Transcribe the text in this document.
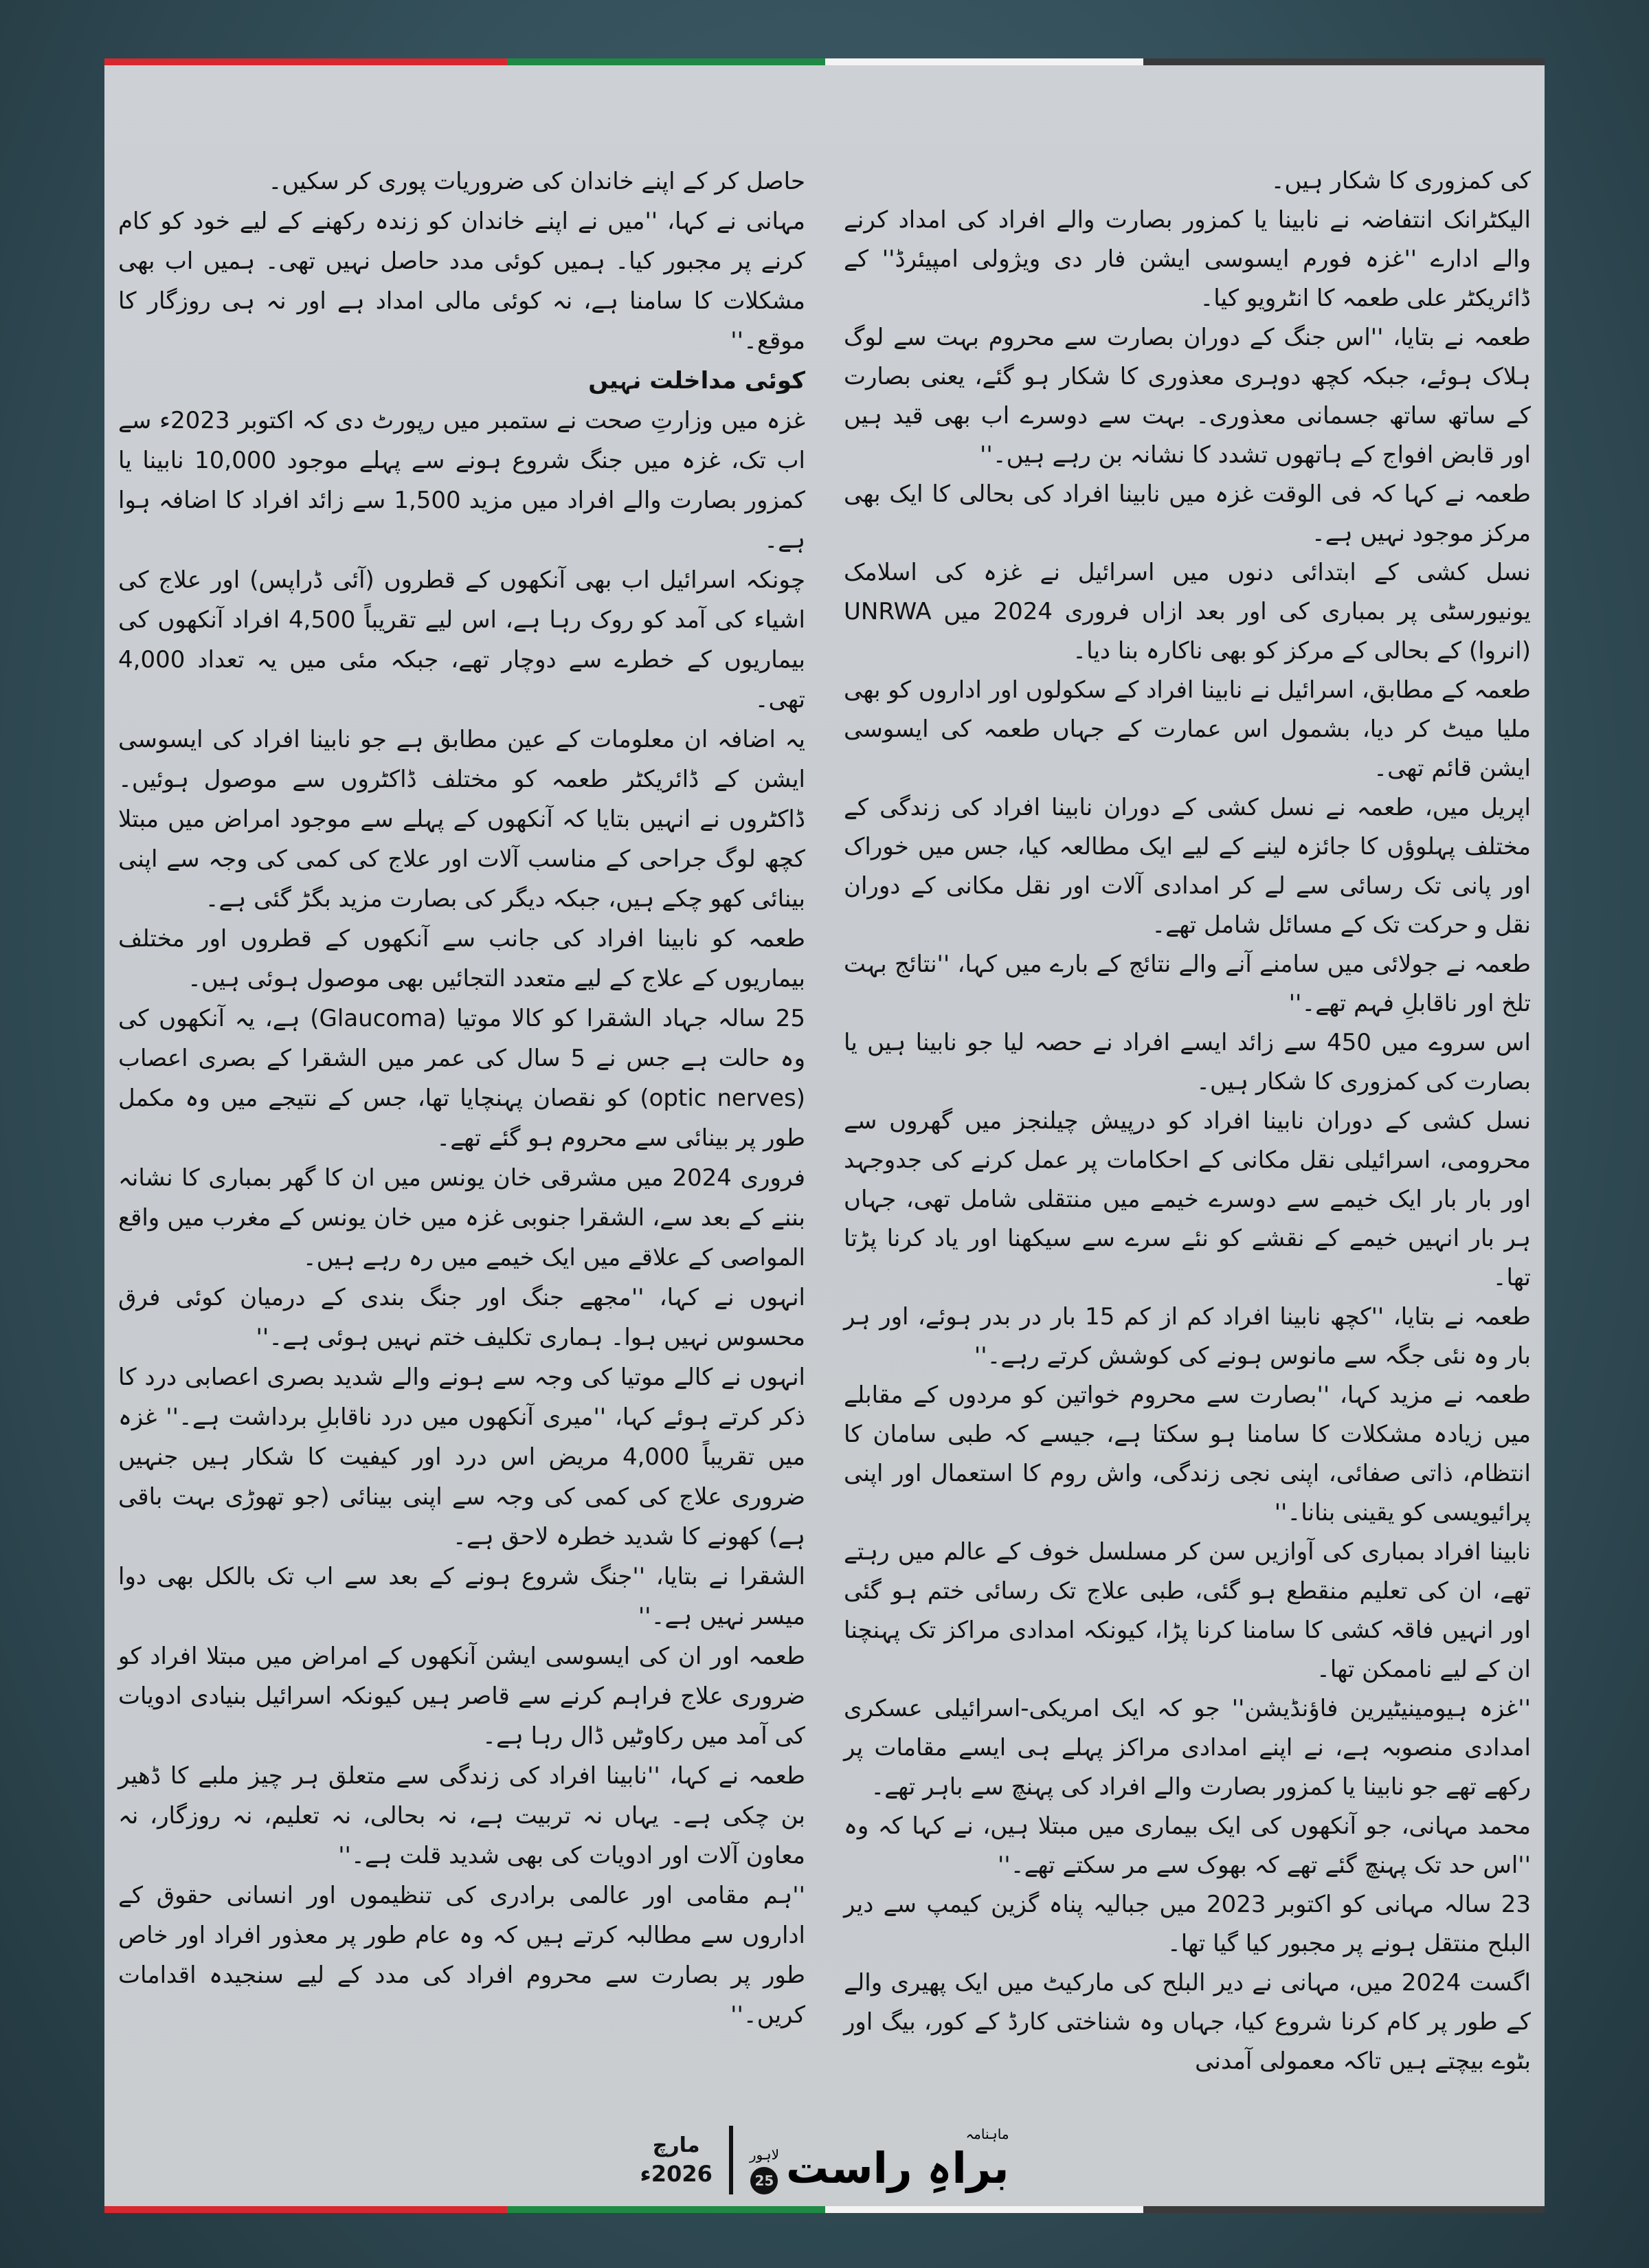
کی کمزوری کا شکار ہیں۔

الیکٹرانک انتفاضہ نے نابینا یا کمزور بصارت والے افراد کی امداد کرنے والے ادارے ''غزہ فورم ایسوسی ایشن فار دی ویژولی امپیئرڈ'' کے ڈائریکٹر علی طعمہ کا انٹرویو کیا۔

طعمہ نے بتایا، ''اس جنگ کے دوران بصارت سے محروم بہت سے لوگ ہلاک ہوئے، جبکہ کچھ دوہری معذوری کا شکار ہو گئے، یعنی بصارت کے ساتھ ساتھ جسمانی معذوری۔ بہت سے دوسرے اب بھی قید ہیں اور قابض افواج کے ہاتھوں تشدد کا نشانہ بن رہے ہیں۔''

طعمہ نے کہا کہ فی الوقت غزہ میں نابینا افراد کی بحالی کا ایک بھی مرکز موجود نہیں ہے۔

نسل کشی کے ابتدائی دنوں میں اسرائیل نے غزہ کی اسلامک یونیورسٹی پر بمباری کی اور بعد ازاں فروری 2024 میں UNRWA (انروا) کے بحالی کے مرکز کو بھی ناکارہ بنا دیا۔

طعمہ کے مطابق، اسرائیل نے نابینا افراد کے سکولوں اور اداروں کو بھی ملیا میٹ کر دیا، بشمول اس عمارت کے جہاں طعمہ کی ایسوسی ایشن قائم تھی۔

اپریل میں، طعمہ نے نسل کشی کے دوران نابینا افراد کی زندگی کے مختلف پہلوؤں کا جائزہ لینے کے لیے ایک مطالعہ کیا، جس میں خوراک اور پانی تک رسائی سے لے کر امدادی آلات اور نقل مکانی کے دوران نقل و حرکت تک کے مسائل شامل تھے۔

طعمہ نے جولائی میں سامنے آنے والے نتائج کے بارے میں کہا، ''نتائج بہت تلخ اور ناقابلِ فہم تھے۔''

اس سروے میں 450 سے زائد ایسے افراد نے حصہ لیا جو نابینا ہیں یا بصارت کی کمزوری کا شکار ہیں۔

نسل کشی کے دوران نابینا افراد کو درپیش چیلنجز میں گھروں سے محرومی، اسرائیلی نقل مکانی کے احکامات پر عمل کرنے کی جدوجہد اور بار بار ایک خیمے سے دوسرے خیمے میں منتقلی شامل تھی، جہاں ہر بار انہیں خیمے کے نقشے کو نئے سرے سے سیکھنا اور یاد کرنا پڑتا تھا۔

طعمہ نے بتایا، ''کچھ نابینا افراد کم از کم 15 بار در بدر ہوئے، اور ہر بار وہ نئی جگہ سے مانوس ہونے کی کوشش کرتے رہے۔''

طعمہ نے مزید کہا، ''بصارت سے محروم خواتین کو مردوں کے مقابلے میں زیادہ مشکلات کا سامنا ہو سکتا ہے، جیسے کہ طبی سامان کا انتظام، ذاتی صفائی، اپنی نجی زندگی، واش روم کا استعمال اور اپنی پرائیویسی کو یقینی بنانا۔''

نابینا افراد بمباری کی آوازیں سن کر مسلسل خوف کے عالم میں رہتے تھے، ان کی تعلیم منقطع ہو گئی، طبی علاج تک رسائی ختم ہو گئی اور انہیں فاقہ کشی کا سامنا کرنا پڑا، کیونکہ امدادی مراکز تک پہنچنا ان کے لیے ناممکن تھا۔

''غزہ ہیومینیٹیرین فاؤنڈیشن'' جو کہ ایک امریکی-اسرائیلی عسکری امدادی منصوبہ ہے، نے اپنے امدادی مراکز پہلے ہی ایسے مقامات پر رکھے تھے جو نابینا یا کمزور بصارت والے افراد کی پہنچ سے باہر تھے۔

محمد مہانی، جو آنکھوں کی ایک بیماری میں مبتلا ہیں، نے کہا کہ وہ ''اس حد تک پہنچ گئے تھے کہ بھوک سے مر سکتے تھے۔''

23 سالہ مہانی کو اکتوبر 2023 میں جبالیہ پناہ گزین کیمپ سے دیر البلح منتقل ہونے پر مجبور کیا گیا تھا۔

اگست 2024 میں، مہانی نے دیر البلح کی مارکیٹ میں ایک پھیری والے کے طور پر کام کرنا شروع کیا، جہاں وہ شناختی کارڈ کے کور، بیگ اور بٹوے بیچتے ہیں تاکہ معمولی آمدنی

حاصل کر کے اپنے خاندان کی ضروریات پوری کر سکیں۔

مہانی نے کہا، ''میں نے اپنے خاندان کو زندہ رکھنے کے لیے خود کو کام کرنے پر مجبور کیا۔ ہمیں کوئی مدد حاصل نہیں تھی۔ ہمیں اب بھی مشکلات کا سامنا ہے، نہ کوئی مالی امداد ہے اور نہ ہی روزگار کا موقع۔''

کوئی مداخلت نہیں

غزہ میں وزارتِ صحت نے ستمبر میں رپورٹ دی کہ اکتوبر 2023ء سے اب تک، غزہ میں جنگ شروع ہونے سے پہلے موجود 10,000 نابینا یا کمزور بصارت والے افراد میں مزید 1,500 سے زائد افراد کا اضافہ ہوا ہے۔

چونکہ اسرائیل اب بھی آنکھوں کے قطروں (آئی ڈراپس) اور علاج کی اشیاء کی آمد کو روک رہا ہے، اس لیے تقریباً 4,500 افراد آنکھوں کی بیماریوں کے خطرے سے دوچار تھے، جبکہ مئی میں یہ تعداد 4,000 تھی۔

یہ اضافہ ان معلومات کے عین مطابق ہے جو نابینا افراد کی ایسوسی ایشن کے ڈائریکٹر طعمہ کو مختلف ڈاکٹروں سے موصول ہوئیں۔ ڈاکٹروں نے انہیں بتایا کہ آنکھوں کے پہلے سے موجود امراض میں مبتلا کچھ لوگ جراحی کے مناسب آلات اور علاج کی کمی کی وجہ سے اپنی بینائی کھو چکے ہیں، جبکہ دیگر کی بصارت مزید بگڑ گئی ہے۔

طعمہ کو نابینا افراد کی جانب سے آنکھوں کے قطروں اور مختلف بیماریوں کے علاج کے لیے متعدد التجائیں بھی موصول ہوئی ہیں۔

25 سالہ جہاد الشقرا کو کالا موتیا (Glaucoma) ہے، یہ آنکھوں کی وہ حالت ہے جس نے 5 سال کی عمر میں الشقرا کے بصری اعصاب (optic nerves) کو نقصان پہنچایا تھا، جس کے نتیجے میں وہ مکمل طور پر بینائی سے محروم ہو گئے تھے۔

فروری 2024 میں مشرقی خان یونس میں ان کا گھر بمباری کا نشانہ بننے کے بعد سے، الشقرا جنوبی غزہ میں خان یونس کے مغرب میں واقع المواصی کے علاقے میں ایک خیمے میں رہ رہے ہیں۔

انہوں نے کہا، ''مجھے جنگ اور جنگ بندی کے درمیان کوئی فرق محسوس نہیں ہوا۔ ہماری تکلیف ختم نہیں ہوئی ہے۔''

انہوں نے کالے موتیا کی وجہ سے ہونے والے شدید بصری اعصابی درد کا ذکر کرتے ہوئے کہا، ''میری آنکھوں میں درد ناقابلِ برداشت ہے۔'' غزہ میں تقریباً 4,000 مریض اس درد اور کیفیت کا شکار ہیں جنہیں ضروری علاج کی کمی کی وجہ سے اپنی بینائی (جو تھوڑی بہت باقی ہے) کھونے کا شدید خطرہ لاحق ہے۔

الشقرا نے بتایا، ''جنگ شروع ہونے کے بعد سے اب تک بالکل بھی دوا میسر نہیں ہے۔''

طعمہ اور ان کی ایسوسی ایشن آنکھوں کے امراض میں مبتلا افراد کو ضروری علاج فراہم کرنے سے قاصر ہیں کیونکہ اسرائیل بنیادی ادویات کی آمد میں رکاوٹیں ڈال رہا ہے۔

طعمہ نے کہا، ''نابینا افراد کی زندگی سے متعلق ہر چیز ملبے کا ڈھیر بن چکی ہے۔ یہاں نہ تربیت ہے، نہ بحالی، نہ تعلیم، نہ روزگار، نہ معاون آلات اور ادویات کی بھی شدید قلت ہے۔''

''ہم مقامی اور عالمی برادری کی تنظیموں اور انسانی حقوق کے اداروں سے مطالبہ کرتے ہیں کہ وہ عام طور پر معذور افراد اور خاص طور پر بصارت سے محروم افراد کی مدد کے لیے سنجیدہ اقدامات کریں۔''

مارچ
2026ء
لاہور
25
ماہنامہ
براہِ راست
